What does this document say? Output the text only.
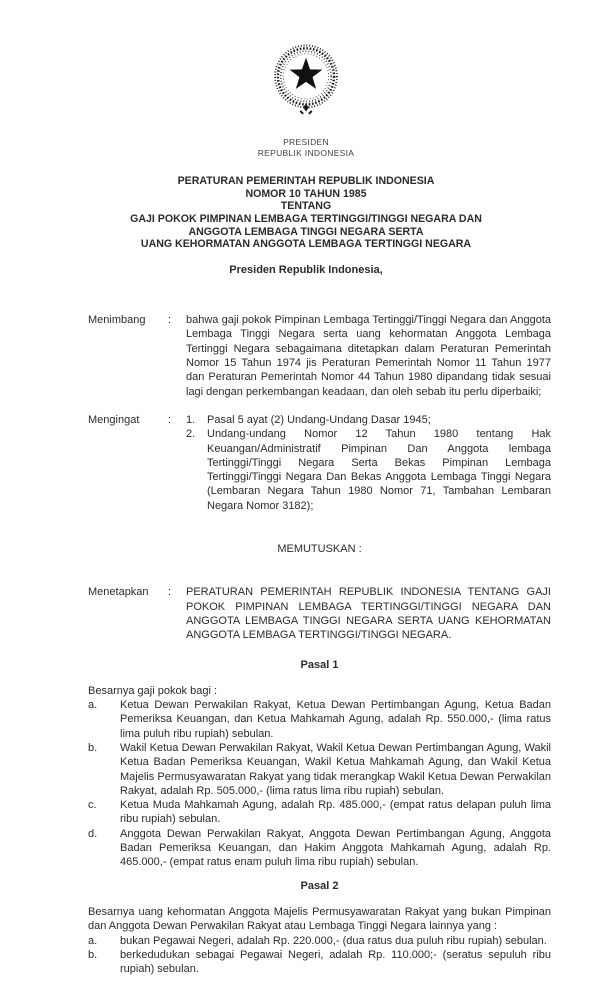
PRESIDEN
REPUBLIK INDONESIA
PERATURAN PEMERINTAH REPUBLIK INDONESIA
NOMOR 10 TAHUN 1985
TENTANG
GAJI POKOK PIMPINAN LEMBAGA TERTINGGI/TINGGI NEGARA DAN
ANGGOTA LEMBAGA TINGGI NEGARA SERTA
UANG KEHORMATAN ANGGOTA LEMBAGA TERTINGGI NEGARA
Presiden Republik Indonesia,
Menimbang	:	bahwa gaji pokok Pimpinan Lembaga Tertinggi/Tinggi Negara dan Anggota Lembaga Tinggi Negara serta uang kehormatan Anggota Lembaga Tertinggi Negara sebagaimana ditetapkan dalam Peraturan Pemerintah Nomor 15 Tahun 1974 jis Peraturan Pemerintah Nomor 11 Tahun 1977 dan Peraturan Pemerintah Nomor 44 Tahun 1980 dipandang tidak sesuai lagi dengan perkembangan keadaan, dan oleh sebab itu perlu diperbaiki;
Mengingat	:	1.	Pasal 5 ayat (2) Undang-Undang Dasar 1945;
2.	Undang-undang Nomor 12 Tahun 1980 tentang Hak Keuangan/Administratif Pimpinan Dan Anggota lembaga Tertinggi/Tinggi Negara Serta Bekas Pimpinan Lembaga Tertinggi/Tinggi Negara Dan Bekas Anggota Lembaga Tinggi Negara (Lembaran Negara Tahun 1980 Nomor 71, Tambahan Lembaran Negara Nomor 3182);
MEMUTUSKAN :
Menetapkan	:	PERATURAN PEMERINTAH REPUBLIK INDONESIA TENTANG GAJI POKOK PIMPINAN LEMBAGA TERTINGGI/TINGGI NEGARA DAN ANGGOTA LEMBAGA TINGGI NEGARA SERTA UANG KEHORMATAN ANGGOTA LEMBAGA TERTINGGI/TINGGI NEGARA.
Pasal 1
Besarnya gaji pokok bagi :
a.	Ketua Dewan Perwakilan Rakyat, Ketua Dewan Pertimbangan Agung, Ketua Badan Pemeriksa Keuangan, dan Ketua Mahkamah Agung, adalah Rp. 550.000,- (lima ratus lima puluh ribu rupiah) sebulan.
b.	Wakil Ketua Dewan Perwakilan Rakyat, Wakil Ketua Dewan Pertimbangan Agung, Wakil Ketua Badan Pemeriksa Keuangan, Wakil Ketua Mahkamah Agung, dan Wakil Ketua Majelis Permusyawaratan Rakyat yang tidak merangkap Wakil Ketua Dewan Perwakilan Rakyat, adalah Rp. 505.000,- (lima ratus lima ribu rupiah) sebulan.
c.	Ketua Muda Mahkamah Agung, adalah Rp. 485.000,- (empat ratus delapan puluh lima ribu rupiah) sebulan.
d.	Anggota Dewan Perwakilan Rakyat, Anggota Dewan Pertimbangan Agung, Anggota Badan Pemeriksa Keuangan, dan Hakim Anggota Mahkamah Agung, adalah Rp. 465.000,- (empat ratus enam puluh lima ribu rupiah) sebulan.
Pasal 2
Besarnya uang kehormatan Anggota Majelis Permusyawaratan Rakyat yang bukan Pimpinan dan Anggota Dewan Perwakilan Rakyat atau Lembaga Tinggi Negara lainnya yang :
a.	bukan Pegawai Negeri, adalah Rp. 220.000,- (dua ratus dua puluh ribu rupiah) sebulan.
b.	berkedudukan sebagai Pegawai Negeri, adalah Rp. 110.000;- (seratus sepuluh ribu rupiah) sebulan.
